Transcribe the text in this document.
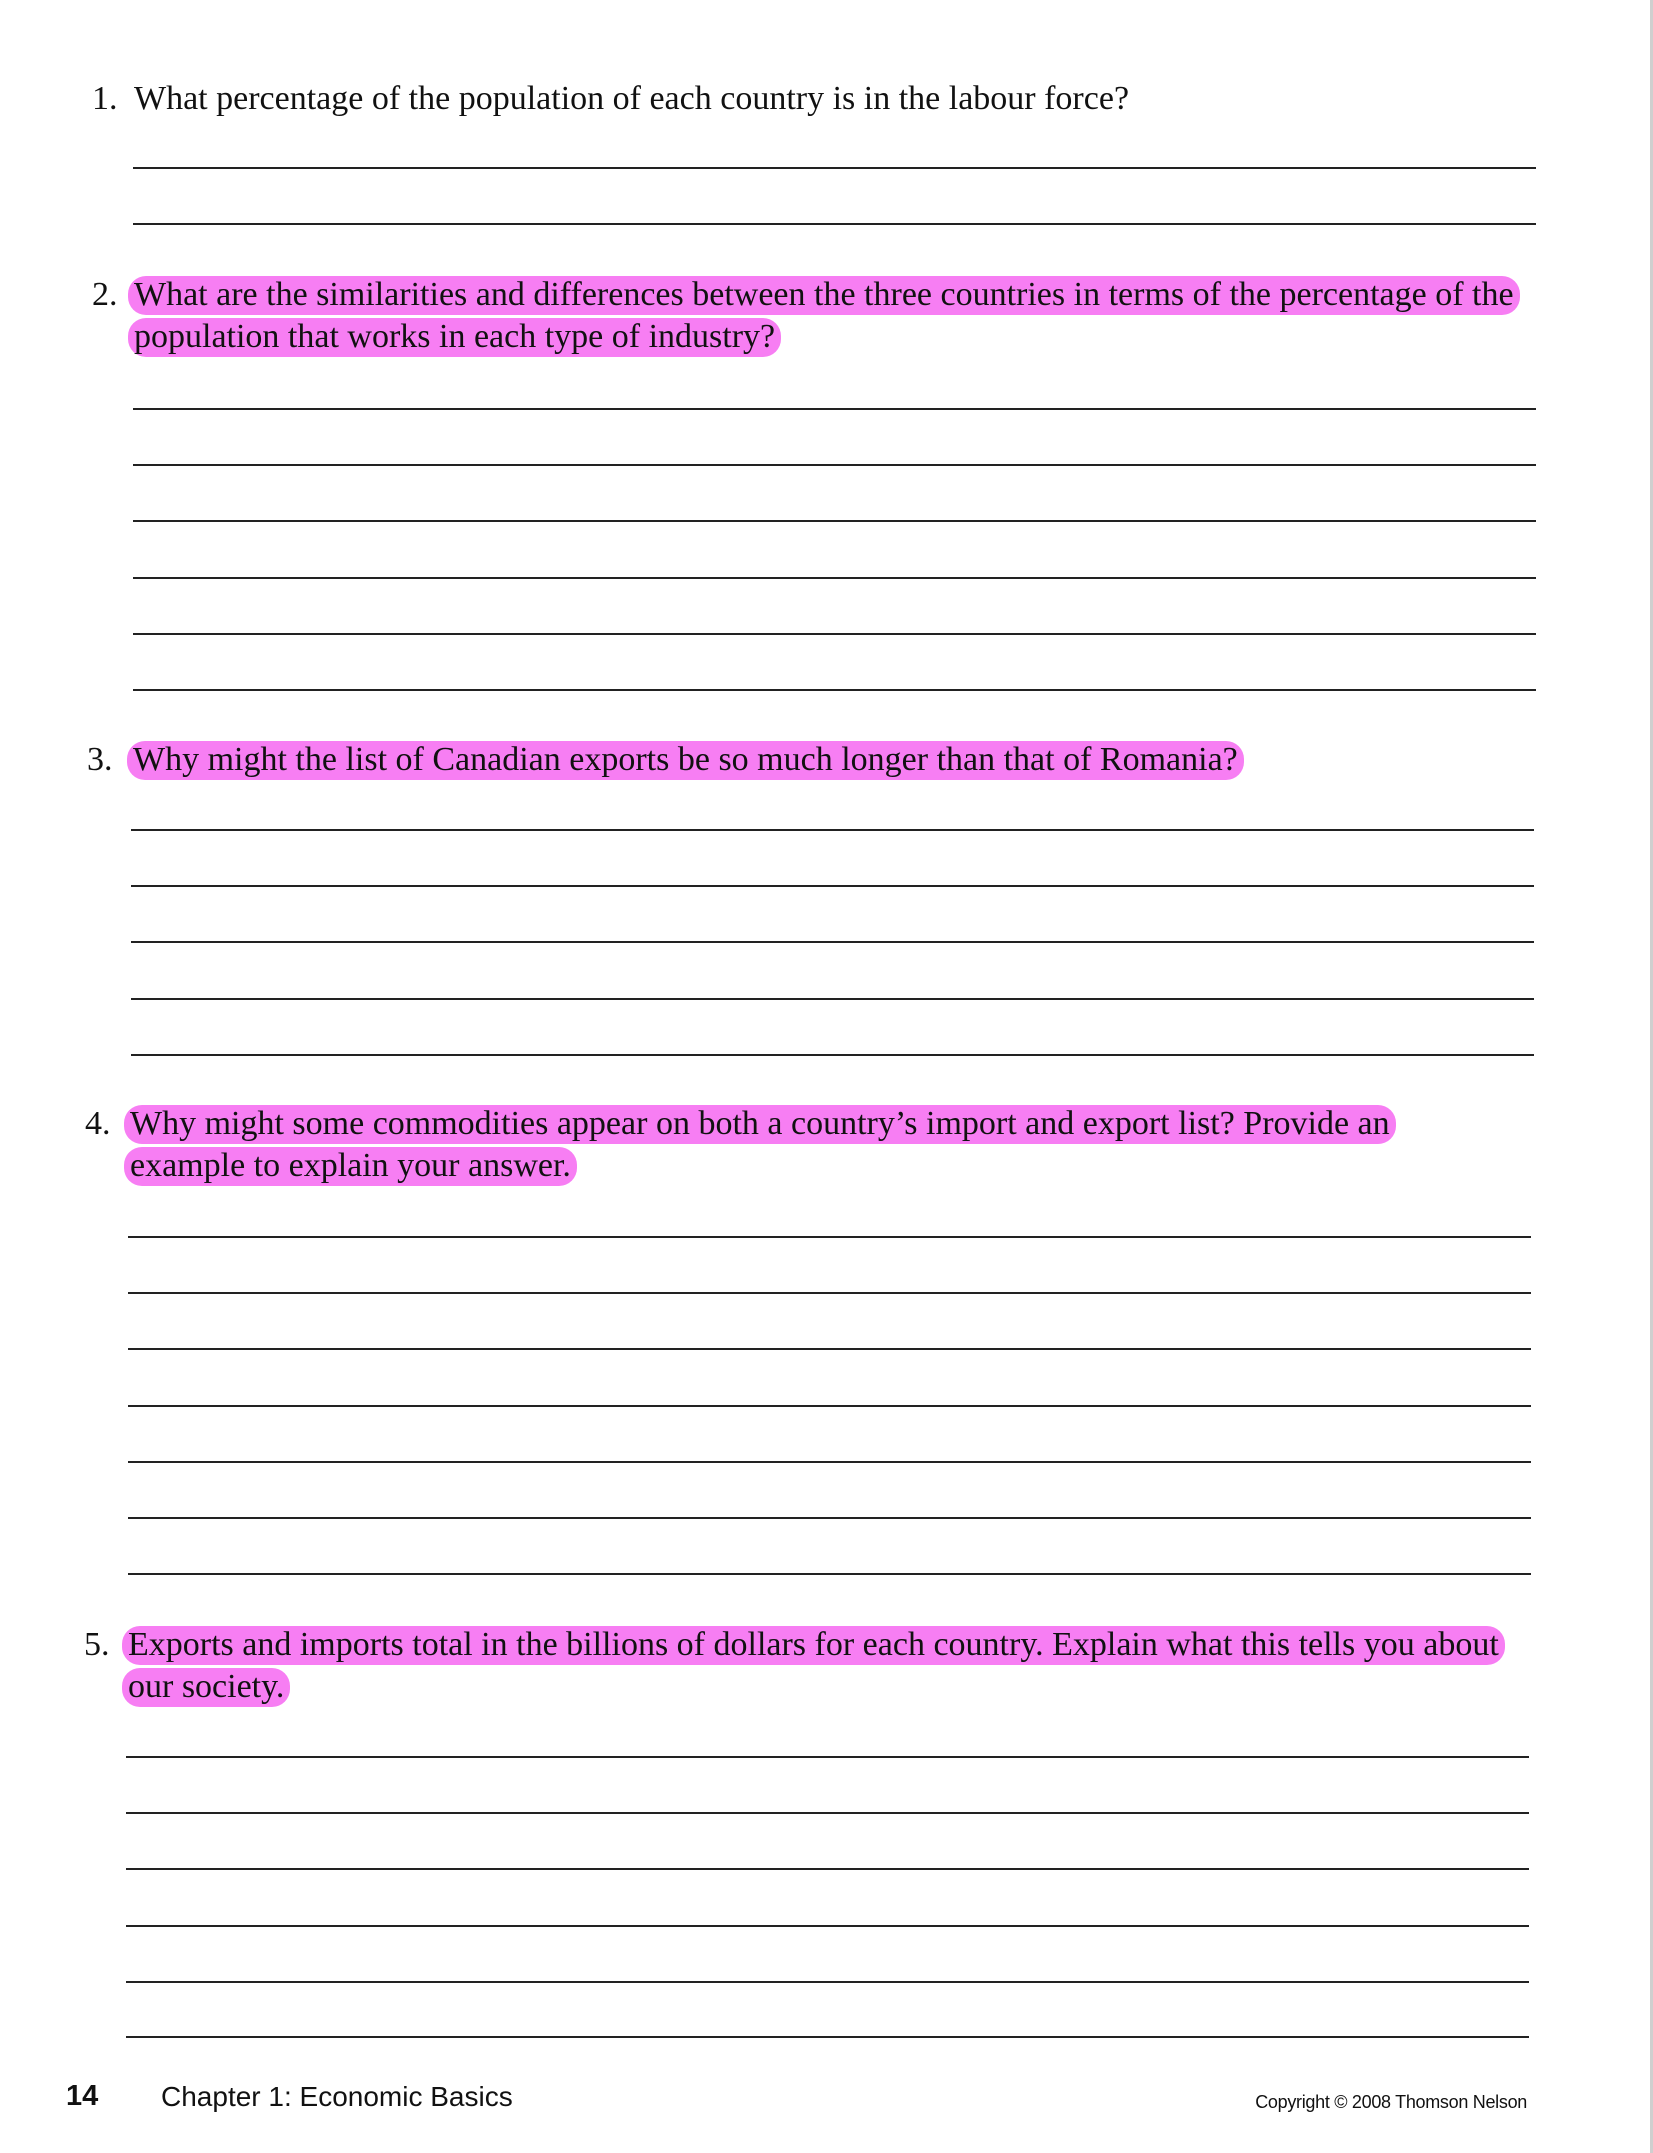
1. What percentage of the population of each country is in the labour force?
2. What are the similarities and differences between the three countries in terms of the percentage of the population that works in each type of industry?
3. Why might the list of Canadian exports be so much longer than that of Romania?
4. Why might some commodities appear on both a country’s import and export list? Provide an example to explain your answer.
5. Exports and imports total in the billions of dollars for each country. Explain what this tells you about our society.
14 Chapter 1: Economic Basics	Copyright © 2008 Thomson Nelson
